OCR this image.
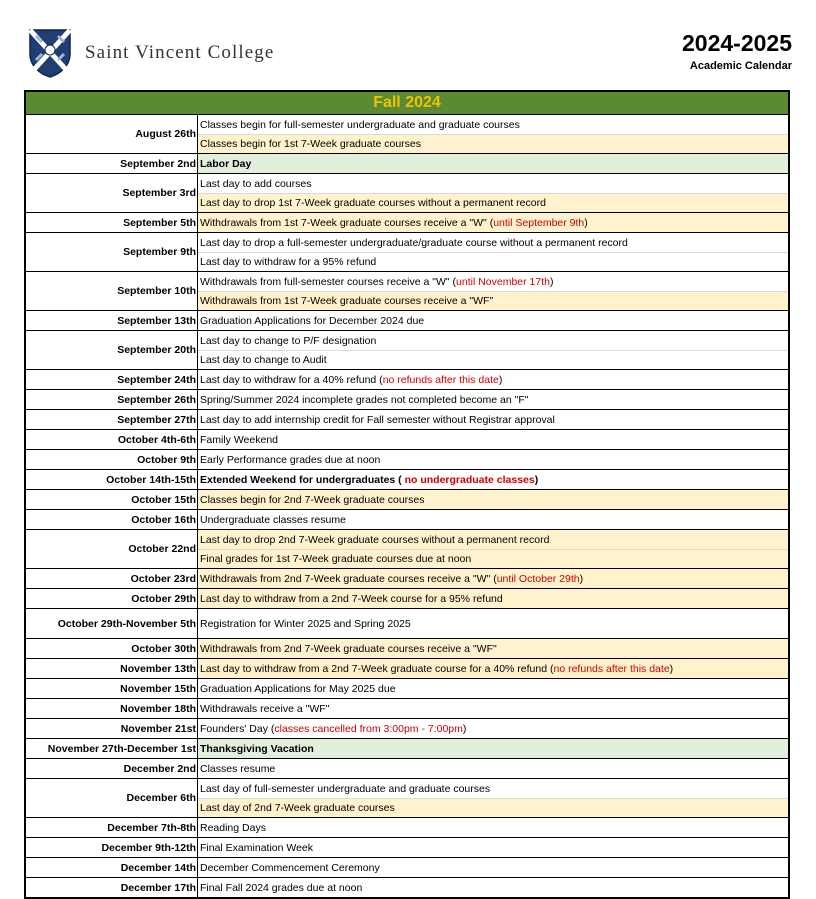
Saint Vincent College	2024-2025
Academic Calendar
Fall 2024
August 26th
Classes begin for full-semester undergraduate and graduate courses
Classes begin for 1st 7-Week graduate courses
September 2nd Labor Day
September 3rd
Last day to add courses
Last day to drop 1st 7-Week graduate courses without a permanent record
September 5th Withdrawals from 1st 7-Week graduate courses receive a "W" ( until September 9th )
September 9th
Last day to drop a full-semester undergraduate/graduate course without a permanent record
Last day to withdraw for a 95% refund
September 10th
Withdrawals from full-semester courses receive a "W" ( until November 17th )
Withdrawals from 1st 7-Week graduate courses receive a "WF"
September 13th Graduation Applications for December 2024 due
September 20th
Last day to change to P/F designation
Last day to change to Audit
September 24th Last day to withdraw for a 40% refund ( no refunds after this date )
September 26th Spring/Summer 2024 incomplete grades not completed become an "F"
September 27th Last day to add internship credit for Fall semester without Registrar approval
October 4th-6th Family Weekend
October 9th Early Performance grades due at noon
October 14th-15th Extended Weekend for undergraduates ( no undergraduate classes )
October 15th Classes begin for 2nd 7-Week graduate courses
October 16th Undergraduate classes resume
October 22nd
Last day to drop 2nd 7-Week graduate courses without a permanent record
Final grades for 1st 7-Week graduate courses due at noon
October 23rd Withdrawals from 2nd 7-Week graduate courses receive a "W" ( until October 29th )
October 29th Last day to withdraw from a 2nd 7-Week course for a 95% refund
October 29th-November 5th Registration for Winter 2025 and Spring 2025
October 30th Withdrawals from 2nd 7-Week graduate courses receive a "WF"
November 13th Last day to withdraw from a 2nd 7-Week graduate course for a 40% refund ( no refunds after this date )
November 15th Graduation Applications for May 2025 due
November 18th Withdrawals receive a "WF"
November 21st Founders' Day ( classes cancelled from 3:00pm - 7:00pm )
November 27th-December 1st Thanksgiving Vacation
December 2nd Classes resume
December 6th
Last day of full-semester undergraduate and graduate courses
Last day of 2nd 7-Week graduate courses
December 7th-8th Reading Days
December 9th-12th Final Examination Week
December 14th December Commencement Ceremony
December 17th Final Fall 2024 grades due at noon
